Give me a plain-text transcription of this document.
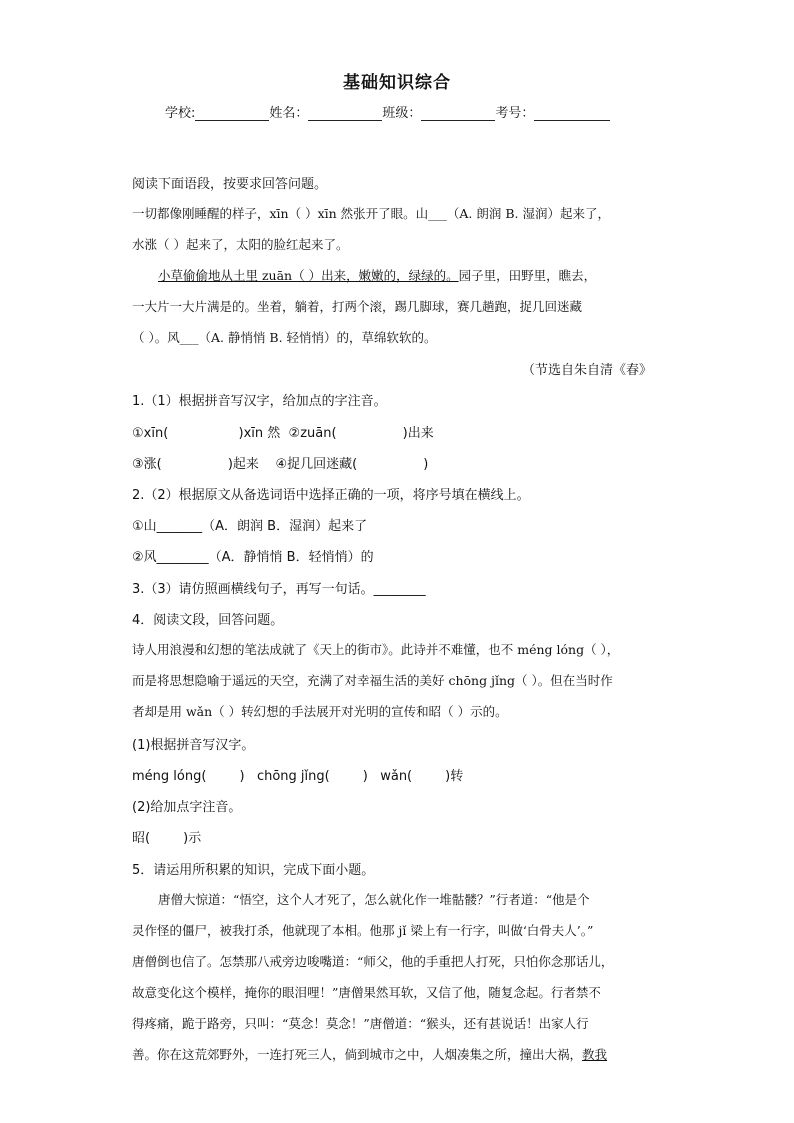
基础知识综合
学校:	姓名：	班级：	考号：
阅读下面语段，按要求回答问题。
一切都像刚睡醒的样子，xīn（ ）xīn 然张开了眼。山___（A. 朗润 B. 湿润）起来了，
水涨（ ）起来了，太阳的脸红起来了。
小草偷偷地从土里 zuān（ ）出来，嫩嫩的，绿绿的。园子里，田野里，瞧去，
一大片一大片满是的。坐着，躺着，打两个滚，踢几脚球，赛几趟跑，捉几回迷藏
（ ）。风___（A. 静悄悄 B. 轻悄悄）的，草绵软软的。
（节选自朱自清《春》
1.（1）根据拼音写汉字，给加点的字注音。
①xīn(                 )xīn 然  ②zuān(                )出来
③涨(                )起来    ④捉几回迷藏(                )
2.（2）根据原文从备选词语中选择正确的一项，将序号填在横线上。
①山_______（A．朗润 B．湿润）起来了
②风________（A．静悄悄 B．轻悄悄）的
3.（3）请仿照画横线句子，再写一句话。________
4．阅读文段，回答问题。
诗人用浪漫和幻想的笔法成就了《天上的街市》。此诗并不难懂，也不 méng lóng（ ），
而是将思想隐喻于遥远的天空，充满了对幸福生活的美好 chōng jǐng（ ）。但在当时作
者却是用 wǎn（ ）转幻想的手法展开对光明的宣传和昭（ ）示的。
(1)根据拼音写汉字。
méng lóng(        )   chōng jǐng(        )   wǎn(        )转
(2)给加点字注音。
昭(        )示
5．请运用所积累的知识，完成下面小题。
唐僧大惊道：“悟空，这个人才死了，怎么就化作一堆骷髅？”行者道：“他是个
灵作怪的僵尸，被我打杀，他就现了本相。他那 jǐ 梁上有一行字，叫做‘白骨夫人’。”
唐僧倒也信了。怎禁那八戒旁边唆嘴道：“师父，他的手重把人打死，只怕你念那话儿，
故意变化这个模样，掩你的眼泪哩！”唐僧果然耳软，又信了他，随复念起。行者禁不
得疼痛，跪于路旁，只叫：“莫念！莫念！”唐僧道：“猴头，还有甚说话！出家人行
善。你在这荒郊野外，一连打死三人，倘到城市之中，人烟凑集之所，撞出大祸，教我
